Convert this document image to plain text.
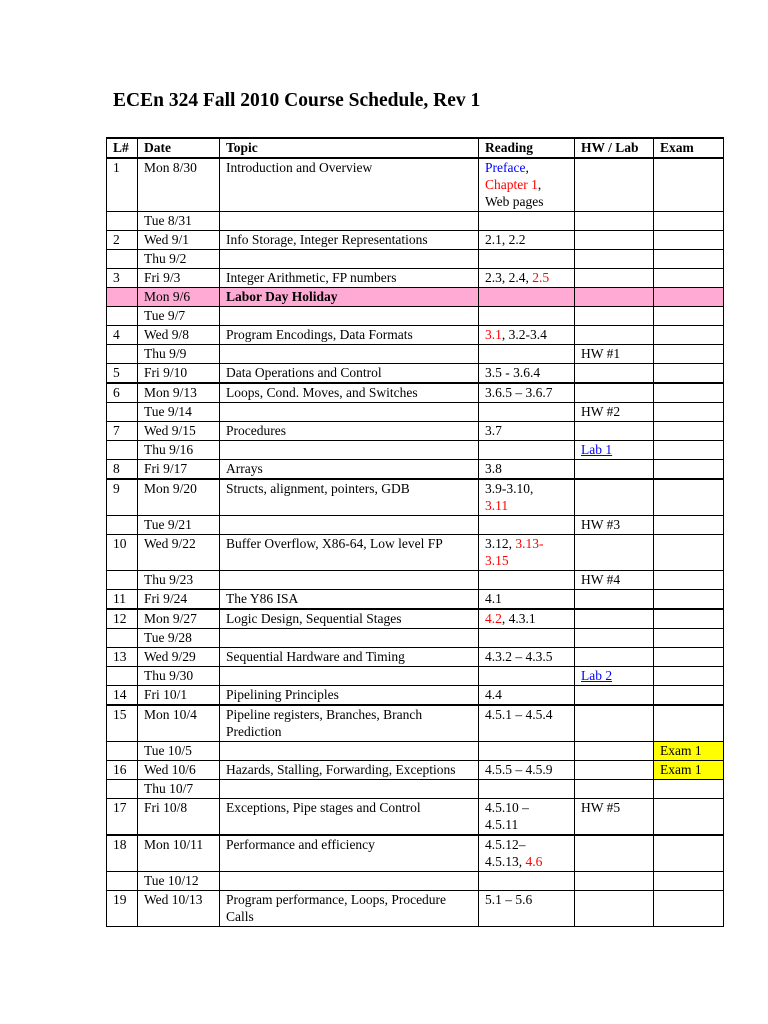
ECEn 324 Fall 2010 Course Schedule, Rev 1
L#	Date	Topic	Reading	HW / Lab	Exam
1	Mon 8/30	Introduction and Overview	Preface,
Chapter 1,
Web pages		
	Tue 8/31				
2	Wed 9/1	Info Storage, Integer Representations	2.1, 2.2		
	Thu 9/2				
3	Fri 9/3	Integer Arithmetic, FP numbers	2.3, 2.4, 2.5		
	Mon 9/6	Labor Day Holiday			
	Tue 9/7				
4	Wed 9/8	Program Encodings, Data Formats	3.1, 3.2-3.4		
	Thu 9/9			HW #1	
5	Fri 9/10	Data Operations and Control	3.5 - 3.6.4		
6	Mon 9/13	Loops, Cond. Moves, and Switches	3.6.5 – 3.6.7		
	Tue 9/14			HW #2	
7	Wed 9/15	Procedures	3.7		
	Thu 9/16			Lab 1	
8	Fri 9/17	Arrays	3.8		
9	Mon 9/20	Structs, alignment, pointers, GDB	3.9-3.10,
3.11		
	Tue 9/21			HW #3	
10	Wed 9/22	Buffer Overflow, X86-64, Low level FP	3.12, 3.13-
3.15		
	Thu 9/23			HW #4	
11	Fri 9/24	The Y86 ISA	4.1		
12	Mon 9/27	Logic Design, Sequential Stages	4.2, 4.3.1		
	Tue 9/28				
13	Wed 9/29	Sequential Hardware and Timing	4.3.2 – 4.3.5		
	Thu 9/30			Lab 2	
14	Fri 10/1	Pipelining Principles	4.4		
15	Mon 10/4	Pipeline registers, Branches, Branch Prediction	4.5.1 – 4.5.4		
	Tue 10/5				Exam 1
16	Wed 10/6	Hazards, Stalling, Forwarding, Exceptions	4.5.5 – 4.5.9		Exam 1
	Thu 10/7				
17	Fri 10/8	Exceptions, Pipe stages and Control	4.5.10 –
4.5.11	HW #5	
18	Mon 10/11	Performance and efficiency	4.5.12–
4.5.13, 4.6		
	Tue 10/12				
19	Wed 10/13	Program performance, Loops, Procedure Calls	5.1 – 5.6		
